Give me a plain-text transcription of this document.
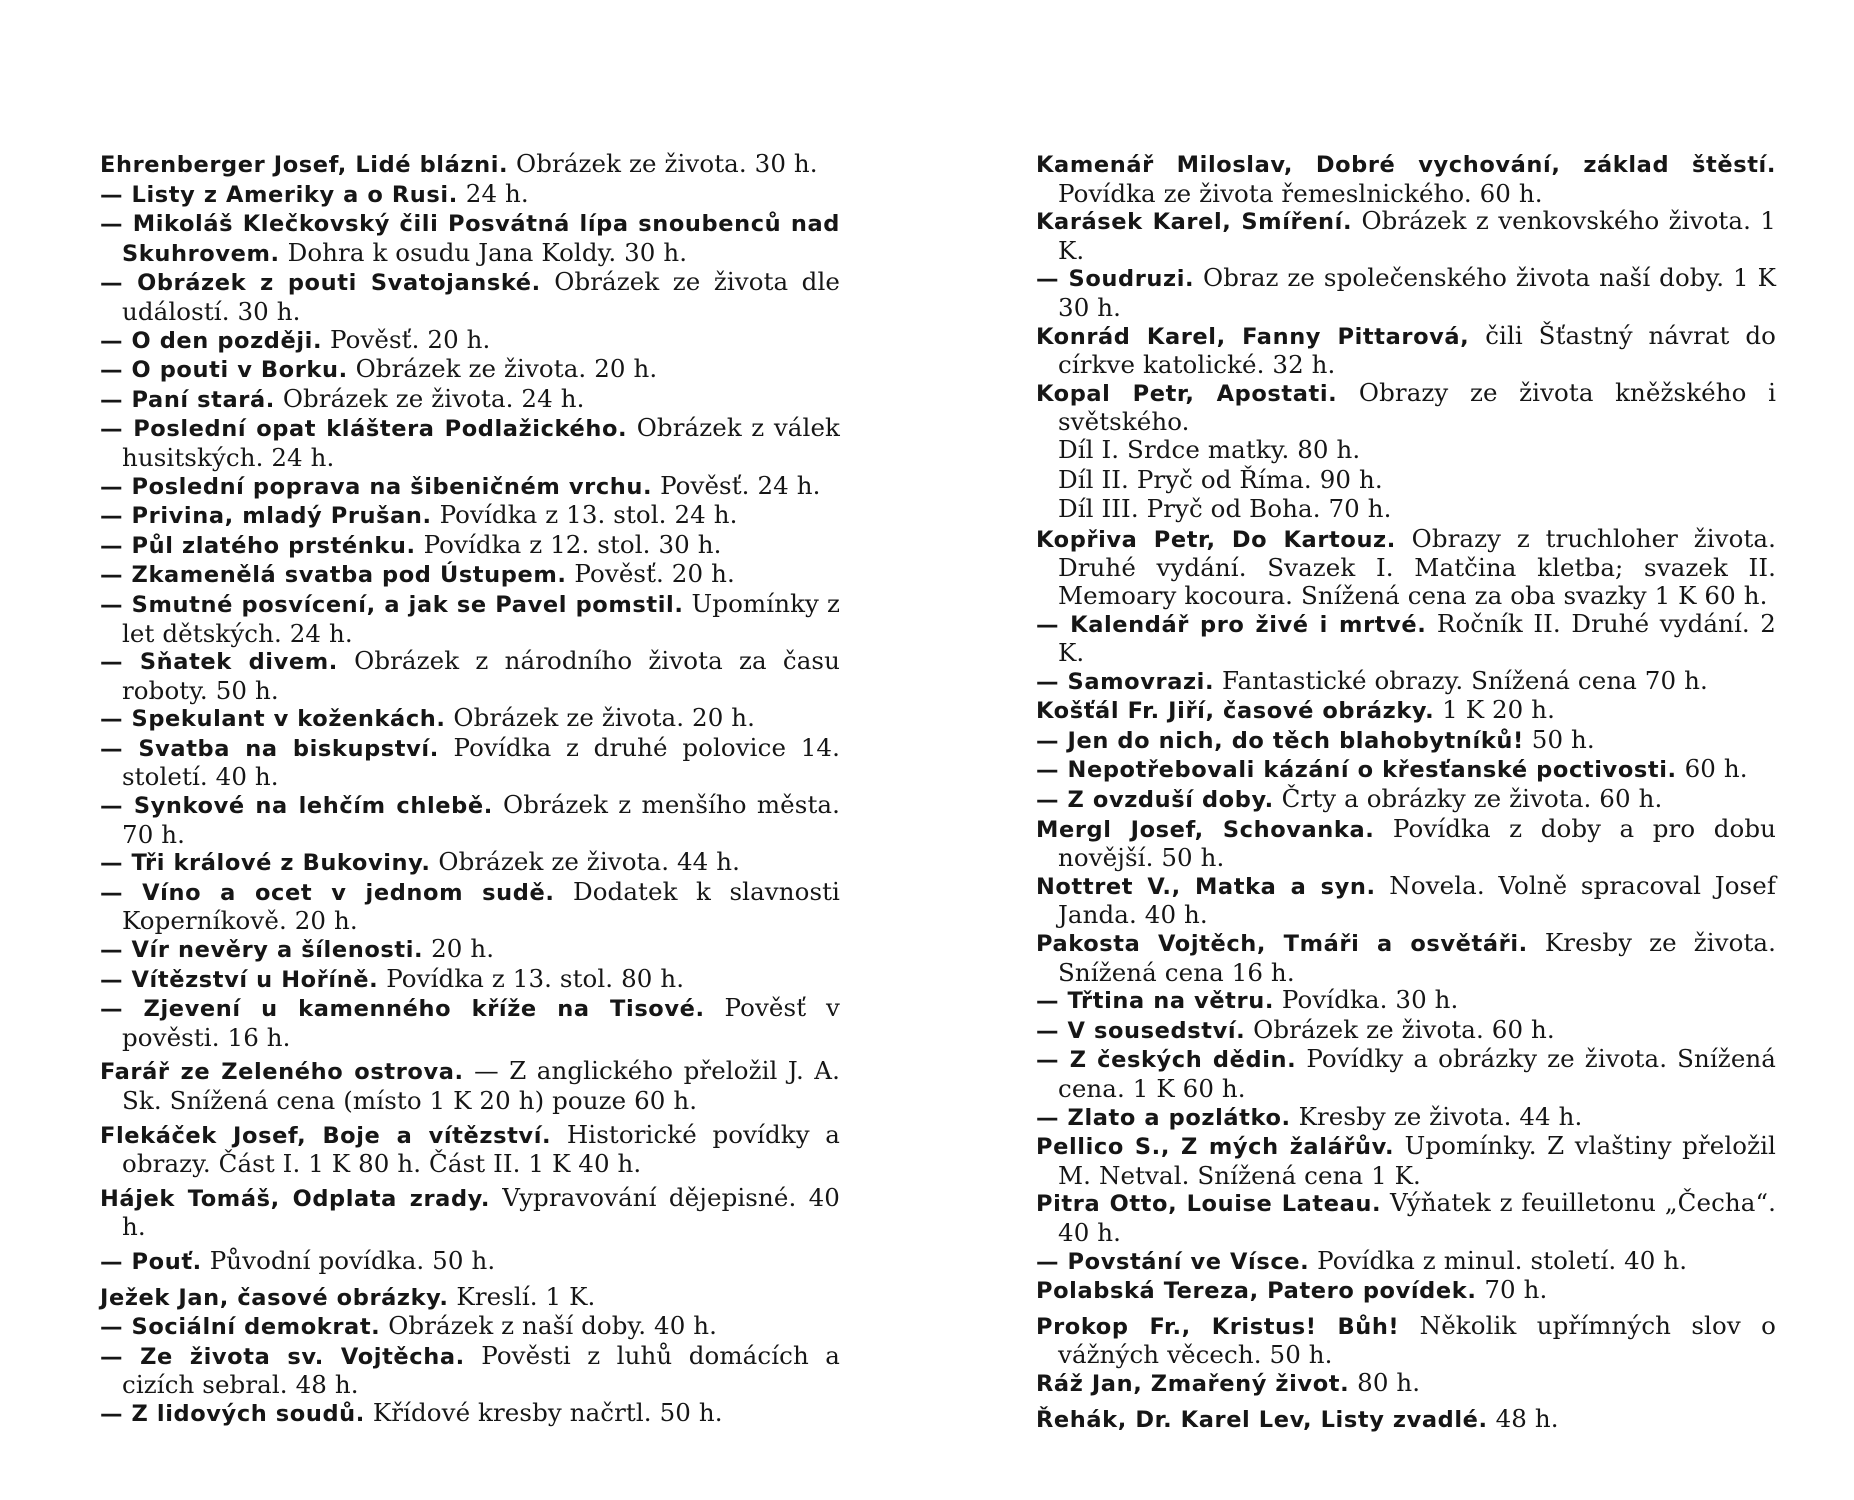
Ehrenberger Josef, Lidé blázni. Obrázek ze života. 30 h.

— Listy z Ameriky a o Rusi. 24 h.

— Mikoláš Klečkovský čili Posvátná lípa snoubenců nad Skuhrovem. Dohra k osudu Jana Koldy. 30 h.

— Obrázek z pouti Svatojanské. Obrázek ze života dle událostí. 30 h.

— O den později. Pověsť. 20 h.

— O pouti v Borku. Obrázek ze života. 20 h.

— Paní stará. Obrázek ze života. 24 h.

— Poslední opat kláštera Podlažického. Obrázek z válek husitských. 24 h.

— Poslední poprava na šibeničném vrchu. Pověsť. 24 h.

— Privina, mladý Prušan. Povídka z 13. stol. 24 h.

— Půl zlatého prsténku. Povídka z 12. stol. 30 h.

— Zkamenělá svatba pod Ústupem. Pověsť. 20 h.

— Smutné posvícení, a jak se Pavel pomstil. Upomínky z let dětských. 24 h.

— Sňatek divem. Obrázek z národního života za času roboty. 50 h.

— Spekulant v koženkách. Obrázek ze života. 20 h.

— Svatba na biskupství. Povídka z druhé polovice 14. století. 40 h.

— Synkové na lehčím chlebě. Obrázek z menšího města. 70 h.

— Tři králové z Bukoviny. Obrázek ze života. 44 h.

— Víno a ocet v jednom sudě. Dodatek k slavnosti Koperníkově. 20 h.

— Vír nevěry a šílenosti. 20 h.

— Vítězství u Hoříně. Povídka z 13. stol. 80 h.

— Zjevení u kamenného kříže na Tisové. Pověsť v pověsti. 16 h.

Farář ze Zeleného ostrova. — Z anglického přeložil J. A. Sk. Snížená cena (místo 1 K 20 h) pouze 60 h.

Flekáček Josef, Boje a vítězství. Historické povídky a obrazy. Část I. 1 K 80 h. Část II. 1 K 40 h.

Hájek Tomáš, Odplata zrady. Vypravování dějepisné. 40 h.

— Pouť. Původní povídka. 50 h.

Ježek Jan, časové obrázky. Kreslí. 1 K.

— Sociální demokrat. Obrázek z naší doby. 40 h.

— Ze života sv. Vojtěcha. Pověsti z luhů domácích a cizích sebral. 48 h.

— Z lidových soudů. Křídové kresby načrtl. 50 h.

Kamenář Miloslav, Dobré vychování, základ štěstí. Povídka ze života řemeslnického. 60 h.

Karásek Karel, Smíření. Obrázek z venkovského života. 1 K.

— Soudruzi. Obraz ze společenského života naší doby. 1 K 30 h.

Konrád Karel, Fanny Pittarová, čili Šťastný návrat do církve katolické. 32 h.

Kopal Petr, Apostati. Obrazy ze života kněžského i světského.

Díl I. Srdce matky. 80 h.

Díl II. Pryč od Říma. 90 h.

Díl III. Pryč od Boha. 70 h.

Kopřiva Petr, Do Kartouz. Obrazy z truchloher života. Druhé vydání. Svazek I. Matčina kletba; svazek II. Memoary kocoura. Snížená cena za oba svazky 1 K 60 h.

— Kalendář pro živé i mrtvé. Ročník II. Druhé vydání. 2 K.

— Samovrazi. Fantastické obrazy. Snížená cena 70 h.

Košťál Fr. Jiří, časové obrázky. 1 K 20 h.

— Jen do nich, do těch blahobytníků! 50 h.

— Nepotřebovali kázání o křesťanské poctivosti. 60 h.

— Z ovzduší doby. Črty a obrázky ze života. 60 h.

Mergl Josef, Schovanka. Povídka z doby a pro dobu novější. 50 h.

Nottret V., Matka a syn. Novela. Volně spracoval Josef Janda. 40 h.

Pakosta Vojtěch, Tmáři a osvětáři. Kresby ze života. Snížená cena 16 h.

— Třtina na větru. Povídka. 30 h.

— V sousedství. Obrázek ze života. 60 h.

— Z českých dědin. Povídky a obrázky ze života. Snížená cena. 1 K 60 h.

— Zlato a pozlátko. Kresby ze života. 44 h.

Pellico S., Z mých žalářův. Upomínky. Z vlaštiny přeložil M. Netval. Snížená cena 1 K.

Pitra Otto, Louise Lateau. Výňatek z feuilletonu „Čecha“. 40 h.

— Povstání ve Vísce. Povídka z minul. století. 40 h.

Polabská Tereza, Patero povídek. 70 h.

Prokop Fr., Kristus! Bůh! Několik upřímných slov o vážných věcech. 50 h.

Ráž Jan, Zmařený život. 80 h.

Řehák, Dr. Karel Lev, Listy zvadlé. 48 h.
